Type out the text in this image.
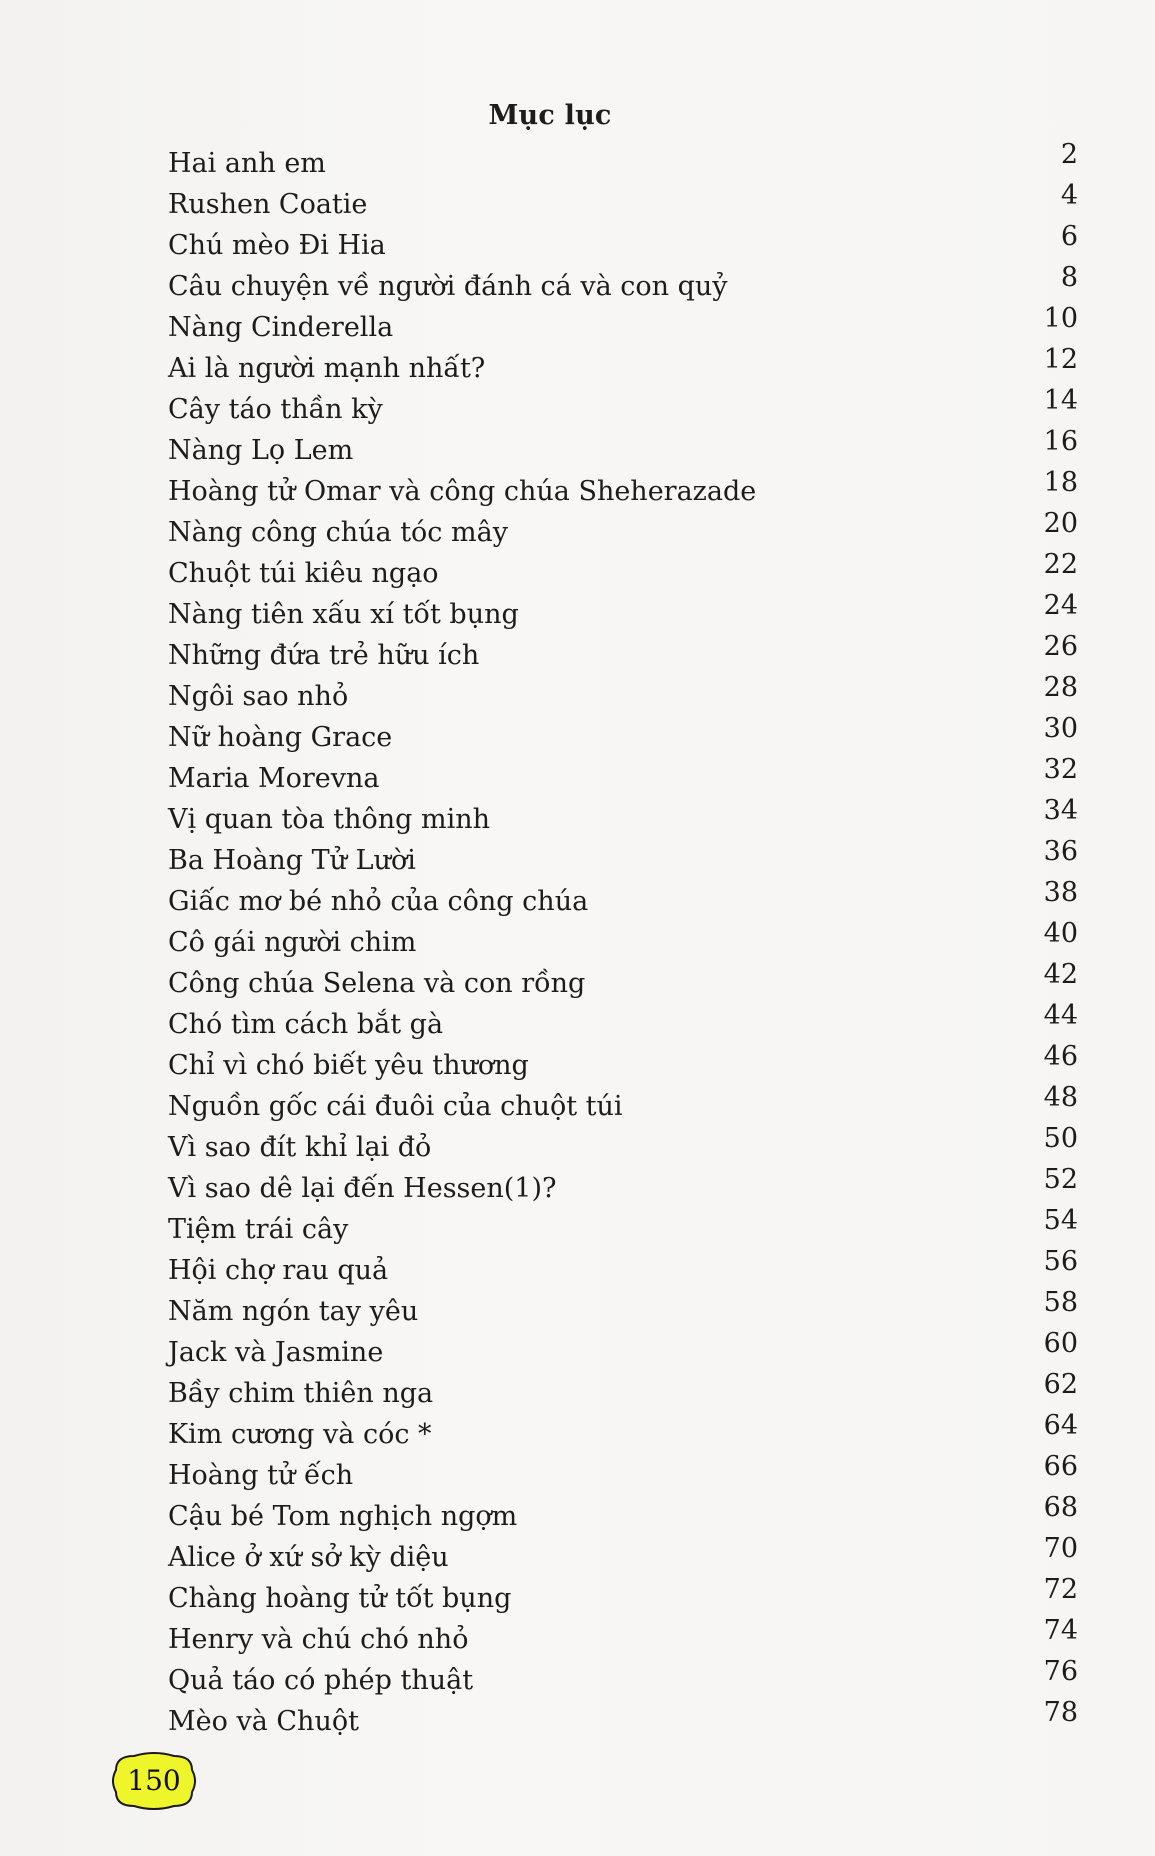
Mục lục
Hai anh em	2
Rushen Coatie	4
Chú mèo Đi Hia	6
Câu chuyện về người đánh cá và con quỷ	8
Nàng Cinderella	10
Ai là người mạnh nhất?	12
Cây táo thần kỳ	14
Nàng Lọ Lem	16
Hoàng tử Omar và công chúa Sheherazade	18
Nàng công chúa tóc mây	20
Chuột túi kiêu ngạo	22
Nàng tiên xấu xí tốt bụng	24
Những đứa trẻ hữu ích	26
Ngôi sao nhỏ	28
Nữ hoàng Grace	30
Maria Morevna	32
Vị quan tòa thông minh	34
Ba Hoàng Tử Lười	36
Giấc mơ bé nhỏ của công chúa	38
Cô gái người chim	40
Công chúa Selena và con rồng	42
Chó tìm cách bắt gà	44
Chỉ vì chó biết yêu thương	46
Nguồn gốc cái đuôi của chuột túi	48
Vì sao đít khỉ lại đỏ	50
Vì sao dê lại đến Hessen(1)?	52
Tiệm trái cây	54
Hội chợ rau quả	56
Năm ngón tay yêu	58
Jack và Jasmine	60
Bầy chim thiên nga	62
Kim cương và cóc *	64
Hoàng tử ếch	66
Cậu bé Tom nghịch ngợm	68
Alice ở xứ sở kỳ diệu	70
Chàng hoàng tử tốt bụng	72
Henry và chú chó nhỏ	74
Quả táo có phép thuật	76
Mèo và Chuột	78
150
